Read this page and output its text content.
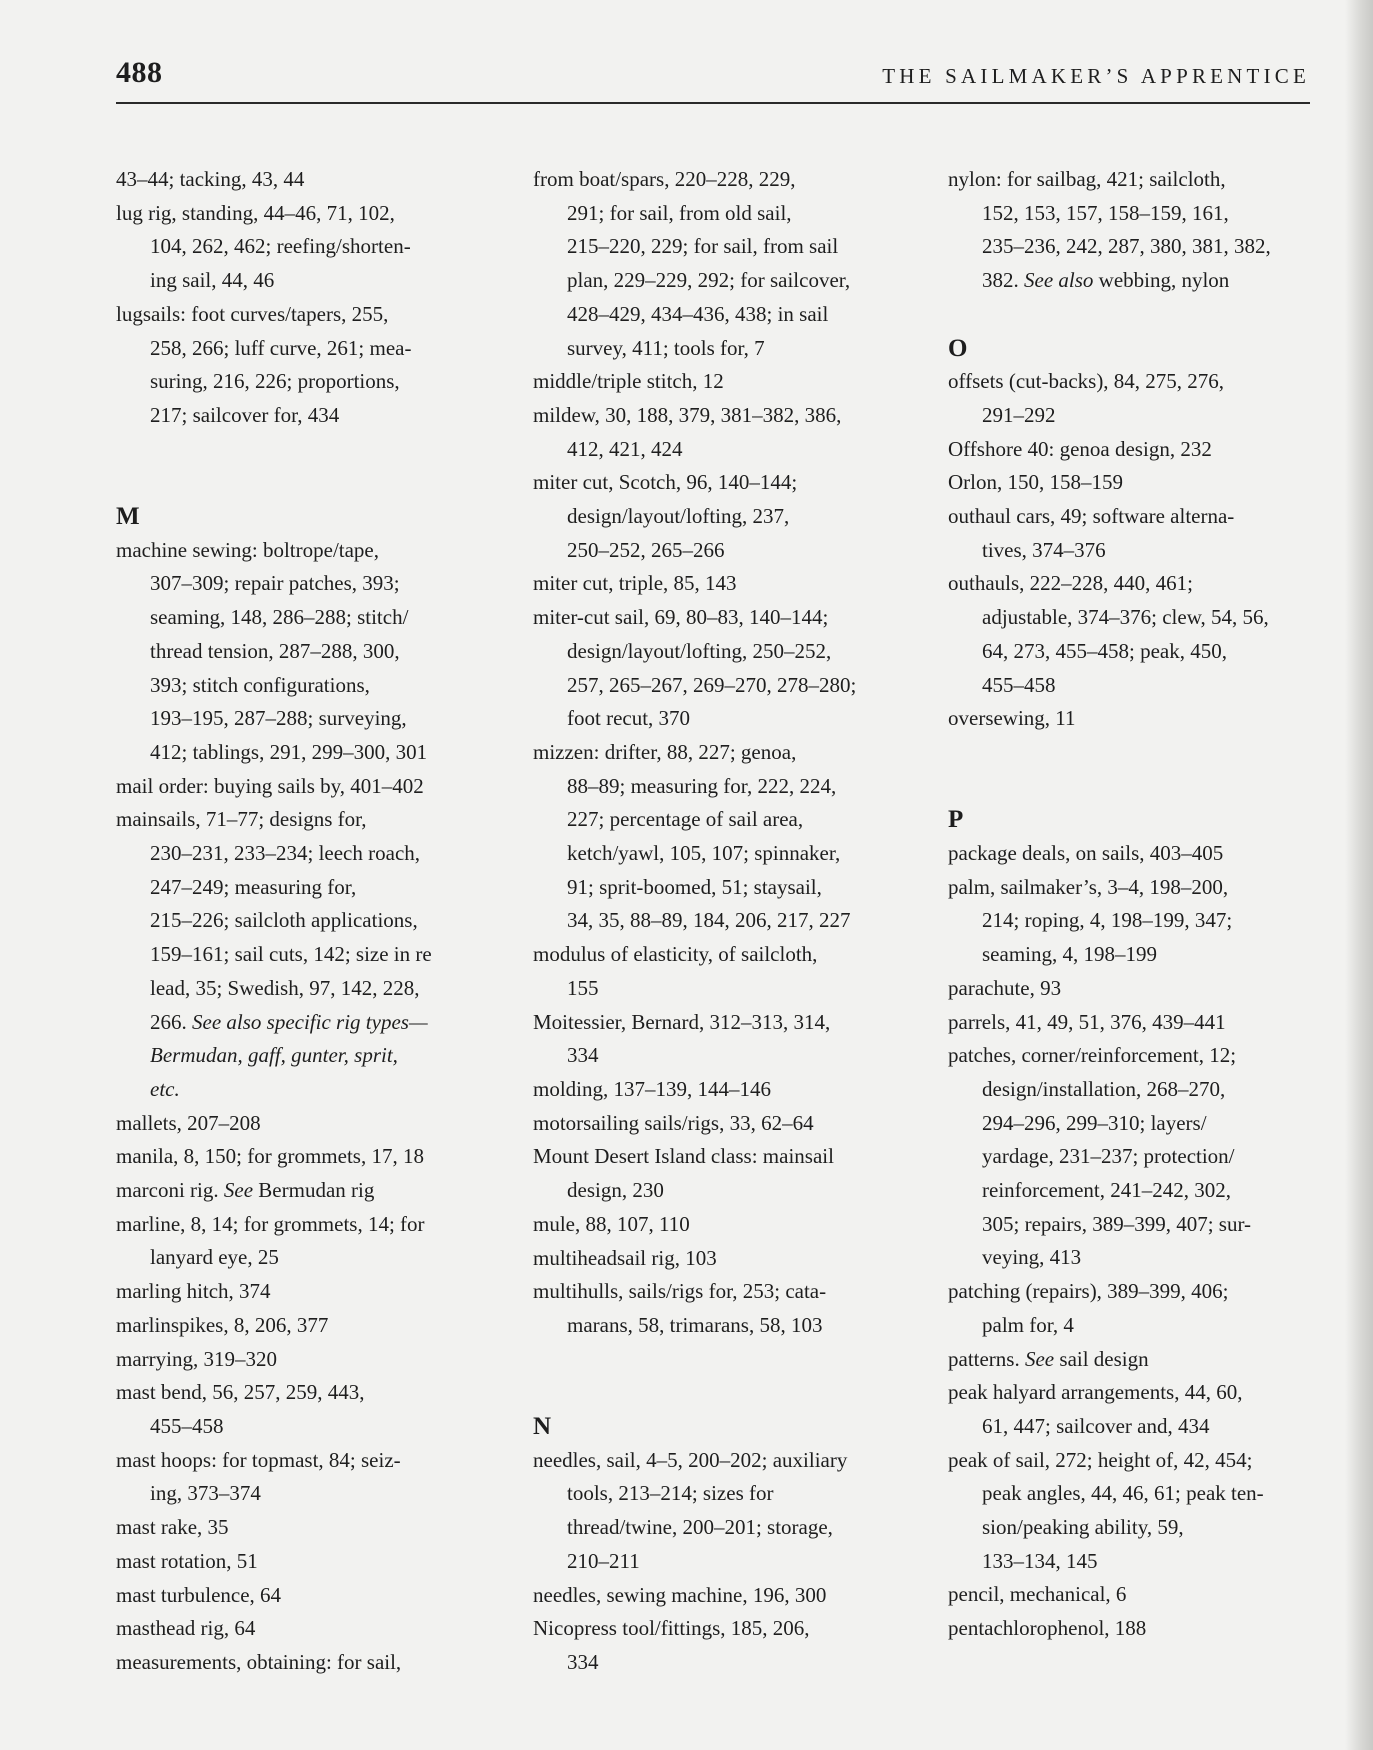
488	THE SAILMAKER’S APPRENTICE
43–44; tacking, 43, 44
lug rig, standing, 44–46, 71, 102,
104, 262, 462; reefing/shorten-
ing sail, 44, 46
lugsails: foot curves/tapers, 255,
258, 266; luff curve, 261; mea-
suring, 216, 226; proportions,
217; sailcover for, 434
M
machine sewing: boltrope/tape,
307–309; repair patches, 393;
seaming, 148, 286–288; stitch/
thread tension, 287–288, 300,
393; stitch configurations,
193–195, 287–288; surveying,
412; tablings, 291, 299–300, 301
mail order: buying sails by, 401–402
mainsails, 71–77; designs for,
230–231, 233–234; leech roach,
247–249; measuring for,
215–226; sailcloth applications,
159–161; sail cuts, 142; size in re
lead, 35; Swedish, 97, 142, 228,
266. See also specific rig types—
Bermudan, gaff, gunter, sprit,
etc.
mallets, 207–208
manila, 8, 150; for grommets, 17, 18
marconi rig. See Bermudan rig
marline, 8, 14; for grommets, 14; for
lanyard eye, 25
marling hitch, 374
marlinspikes, 8, 206, 377
marrying, 319–320
mast bend, 56, 257, 259, 443,
455–458
mast hoops: for topmast, 84; seiz-
ing, 373–374
mast rake, 35
mast rotation, 51
mast turbulence, 64
masthead rig, 64
measurements, obtaining: for sail,
from boat/spars, 220–228, 229,
291; for sail, from old sail,
215–220, 229; for sail, from sail
plan, 229–229, 292; for sailcover,
428–429, 434–436, 438; in sail
survey, 411; tools for, 7
middle/triple stitch, 12
mildew, 30, 188, 379, 381–382, 386,
412, 421, 424
miter cut, Scotch, 96, 140–144;
design/layout/lofting, 237,
250–252, 265–266
miter cut, triple, 85, 143
miter-cut sail, 69, 80–83, 140–144;
design/layout/lofting, 250–252,
257, 265–267, 269–270, 278–280;
foot recut, 370
mizzen: drifter, 88, 227; genoa,
88–89; measuring for, 222, 224,
227; percentage of sail area,
ketch/yawl, 105, 107; spinnaker,
91; sprit-boomed, 51; staysail,
34, 35, 88–89, 184, 206, 217, 227
modulus of elasticity, of sailcloth,
155
Moitessier, Bernard, 312–313, 314,
334
molding, 137–139, 144–146
motorsailing sails/rigs, 33, 62–64
Mount Desert Island class: mainsail
design, 230
mule, 88, 107, 110
multiheadsail rig, 103
multihulls, sails/rigs for, 253; cata-
marans, 58, trimarans, 58, 103
N
needles, sail, 4–5, 200–202; auxiliary
tools, 213–214; sizes for
thread/twine, 200–201; storage,
210–211
needles, sewing machine, 196, 300
Nicopress tool/fittings, 185, 206,
334
nylon: for sailbag, 421; sailcloth,
152, 153, 157, 158–159, 161,
235–236, 242, 287, 380, 381, 382,
382. See also webbing, nylon
O
offsets (cut-backs), 84, 275, 276,
291–292
Offshore 40: genoa design, 232
Orlon, 150, 158–159
outhaul cars, 49; software alterna-
tives, 374–376
outhauls, 222–228, 440, 461;
adjustable, 374–376; clew, 54, 56,
64, 273, 455–458; peak, 450,
455–458
oversewing, 11
P
package deals, on sails, 403–405
palm, sailmaker’s, 3–4, 198–200,
214; roping, 4, 198–199, 347;
seaming, 4, 198–199
parachute, 93
parrels, 41, 49, 51, 376, 439–441
patches, corner/reinforcement, 12;
design/installation, 268–270,
294–296, 299–310; layers/
yardage, 231–237; protection/
reinforcement, 241–242, 302,
305; repairs, 389–399, 407; sur-
veying, 413
patching (repairs), 389–399, 406;
palm for, 4
patterns. See sail design
peak halyard arrangements, 44, 60,
61, 447; sailcover and, 434
peak of sail, 272; height of, 42, 454;
peak angles, 44, 46, 61; peak ten-
sion/peaking ability, 59,
133–134, 145
pencil, mechanical, 6
pentachlorophenol, 188
